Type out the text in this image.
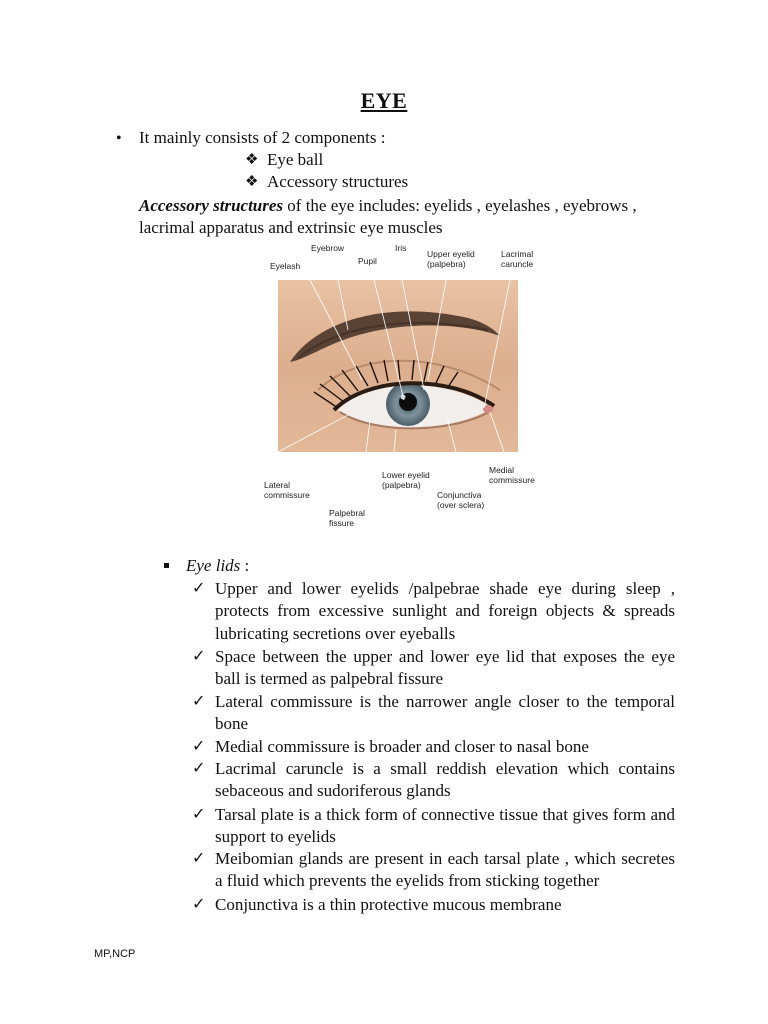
EYE
• It mainly consists of 2 components :
❖ Eye ball
❖ Accessory structures
Accessory structures of the eye includes: eyelids , eyelashes , eyebrows ,
lacrimal apparatus and extrinsic eye muscles
Eyebrow
Eyelash	Pupil
Iris
Upper eyelid
(palpebra)
Lacrimal
caruncle
Lateral
commissure
Lower eyelid
(palpebra)
Medial
commissure
Conjunctiva
(over sclera)
Palpebral
fissure
Eye lids :
✓ Upper and lower eyelids /palpebrae shade eye during sleep , protects from excessive sunlight and foreign objects & spreads lubricating secretions over eyeballs
✓ Space between the upper and lower eye lid that exposes the eye ball is termed as palpebral fissure
✓ Lateral commissure is the narrower angle closer to the temporal bone
✓ Medial commissure is broader and closer to nasal bone
✓ Lacrimal caruncle is a small reddish elevation which contains sebaceous and sudoriferous glands
✓ Tarsal plate is a thick form of connective tissue that gives form and support to eyelids
✓ Meibomian glands are present in each tarsal plate , which secretes a fluid which prevents the eyelids from sticking together
✓ Conjunctiva is a thin protective mucous membrane
MP,NCP
